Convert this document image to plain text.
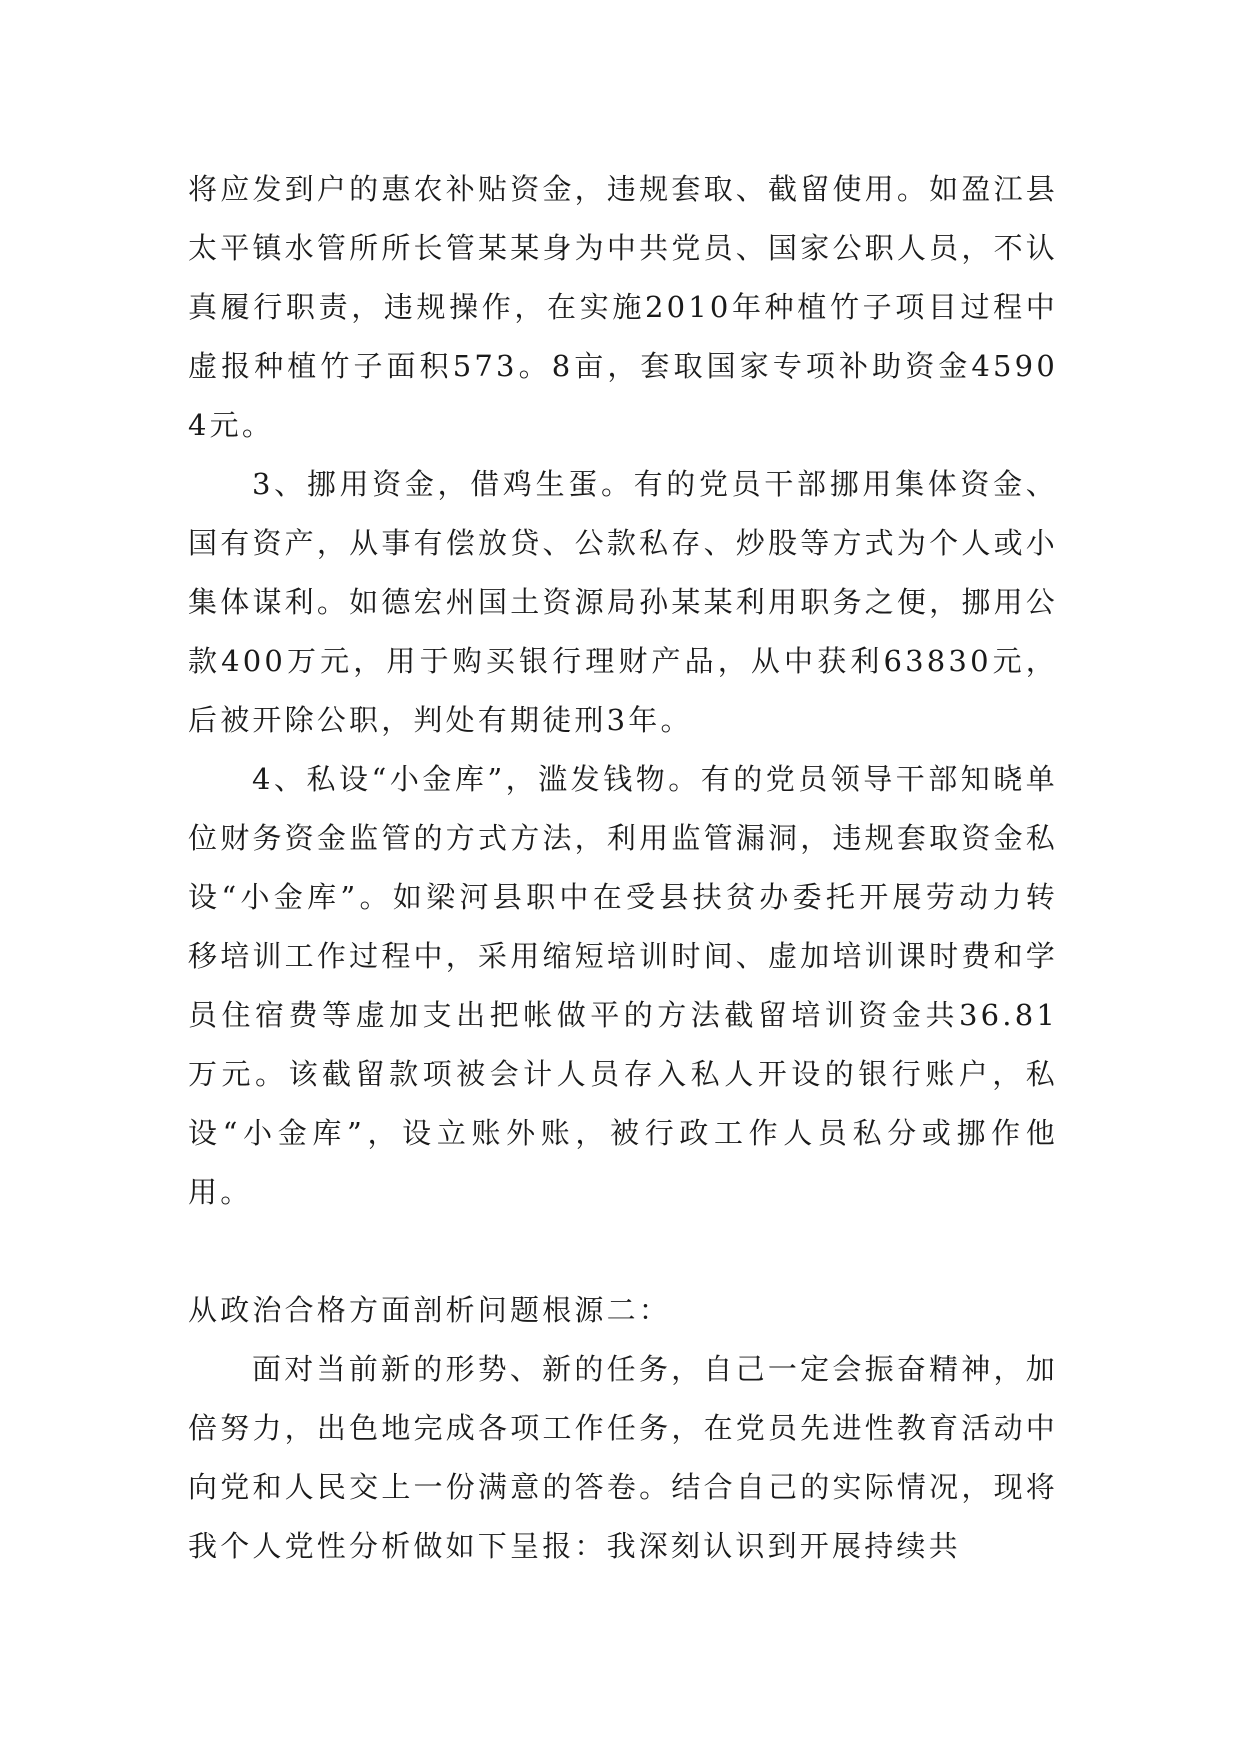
将应发到户的惠农补贴资金，违规套取、截留使用。如盈江县太平镇水管所所长管某某身为中共党员、国家公职人员，不认真履行职责，违规操作，在实施2010年种植竹子项目过程中虚报种植竹子面积573。8亩，套取国家专项补助资金45904元。

3、挪用资金，借鸡生蛋。有的党员干部挪用集体资金、国有资产，从事有偿放贷、公款私存、炒股等方式为个人或小集体谋利。如德宏州国土资源局孙某某利用职务之便，挪用公款400万元，用于购买银行理财产品，从中获利63830元，后被开除公职，判处有期徒刑3年。

4、私设“小金库”，滥发钱物。有的党员领导干部知晓单位财务资金监管的方式方法，利用监管漏洞，违规套取资金私设“小金库”。如梁河县职中在受县扶贫办委托开展劳动力转移培训工作过程中，采用缩短培训时间、虚加培训课时费和学员住宿费等虚加支出把帐做平的方法截留培训资金共36.81万元。该截留款项被会计人员存入私人开设的银行账户，私设“小金库”，设立账外账，被行政工作人员私分或挪作他用。

从政治合格方面剖析问题根源二：

面对当前新的形势、新的任务，自己一定会振奋精神，加倍努力，出色地完成各项工作任务，在党员先进性教育活动中向党和人民交上一份满意的答卷。结合自己的实际情况，现将我个人党性分析做如下呈报：我深刻认识到开展持续共
